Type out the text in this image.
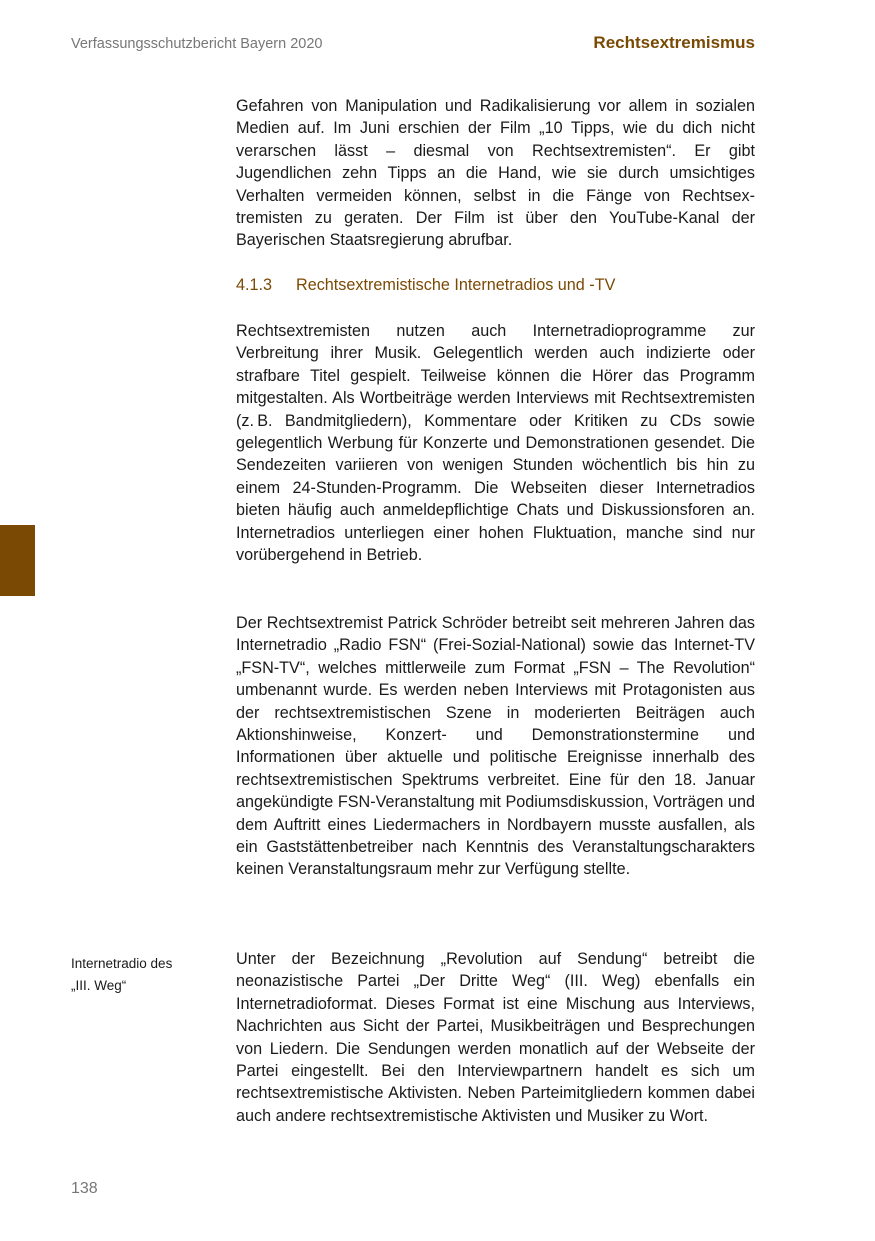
Verfassungsschutzbericht Bayern 2020	Rechtsextremismus

Gefahren von Manipulation und Radikalisierung vor allem in sozialen Medien auf. Im Juni erschien der Film „10 Tipps, wie du dich nicht verarschen lässt – diesmal von Rechtsextremisten“. Er gibt Jugendlichen zehn Tipps an die Hand, wie sie durch umsichtiges Verhalten vermeiden können, selbst in die Fänge von Rechtsextremisten zu geraten. Der Film ist über den YouTube-Kanal der Bayerischen Staatsregierung abrufbar.

4.1.3 Rechtsextremistische Internetradios und -TV

Rechtsextremisten nutzen auch Internetradioprogramme zur Verbreitung ihrer Musik. Gelegentlich werden auch indizierte oder strafbare Titel gespielt. Teilweise können die Hörer das Programm mitgestalten. Als Wortbeiträge werden Interviews mit Rechtsextremisten (z. B. Bandmitgliedern), Kommentare oder Kritiken zu CDs sowie gelegentlich Werbung für Konzerte und Demonstrationen gesendet. Die Sendezeiten variieren von wenigen Stunden wöchentlich bis hin zu einem 24-Stunden-Programm. Die Webseiten dieser Internetradios bieten häufig auch anmeldepflichtige Chats und Diskussionsforen an. Internetradios unterliegen einer hohen Fluktuation, manche sind nur vorübergehend in Betrieb.

Der Rechtsextremist Patrick Schröder betreibt seit mehreren Jahren das Internetradio „Radio FSN“ (Frei-Sozial-National) sowie das Internet-TV „FSN-TV“, welches mittlerweile zum Format „FSN – The Revolution“ umbenannt wurde. Es werden neben Interviews mit Protagonisten aus der rechtsextremistischen Szene in moderierten Beiträgen auch Aktionshinweise, Konzert- und Demonstrationstermine und Informationen über aktuelle und politische Ereignisse innerhalb des rechtsextremistischen Spektrums verbreitet. Eine für den 18. Januar angekündigte FSN-Veranstaltung mit Podiumsdiskussion, Vorträgen und dem Auftritt eines Liedermachers in Nordbayern musste ausfallen, als ein Gaststättenbetreiber nach Kenntnis des Veranstaltungscharakters keinen Veranstaltungsraum mehr zur Verfügung stellte.

Internetradio des
„III. Weg“

Unter der Bezeichnung „Revolution auf Sendung“ betreibt die neonazistische Partei „Der Dritte Weg“ (III. Weg) ebenfalls ein Internetradioformat. Dieses Format ist eine Mischung aus Interviews, Nachrichten aus Sicht der Partei, Musikbeiträgen und Besprechungen von Liedern. Die Sendungen werden monatlich auf der Webseite der Partei eingestellt. Bei den Interviewpartnern handelt es sich um rechtsextremistische Aktivisten. Neben Parteimitgliedern kommen dabei auch andere rechtsextremistische Aktivisten und Musiker zu Wort.

138
